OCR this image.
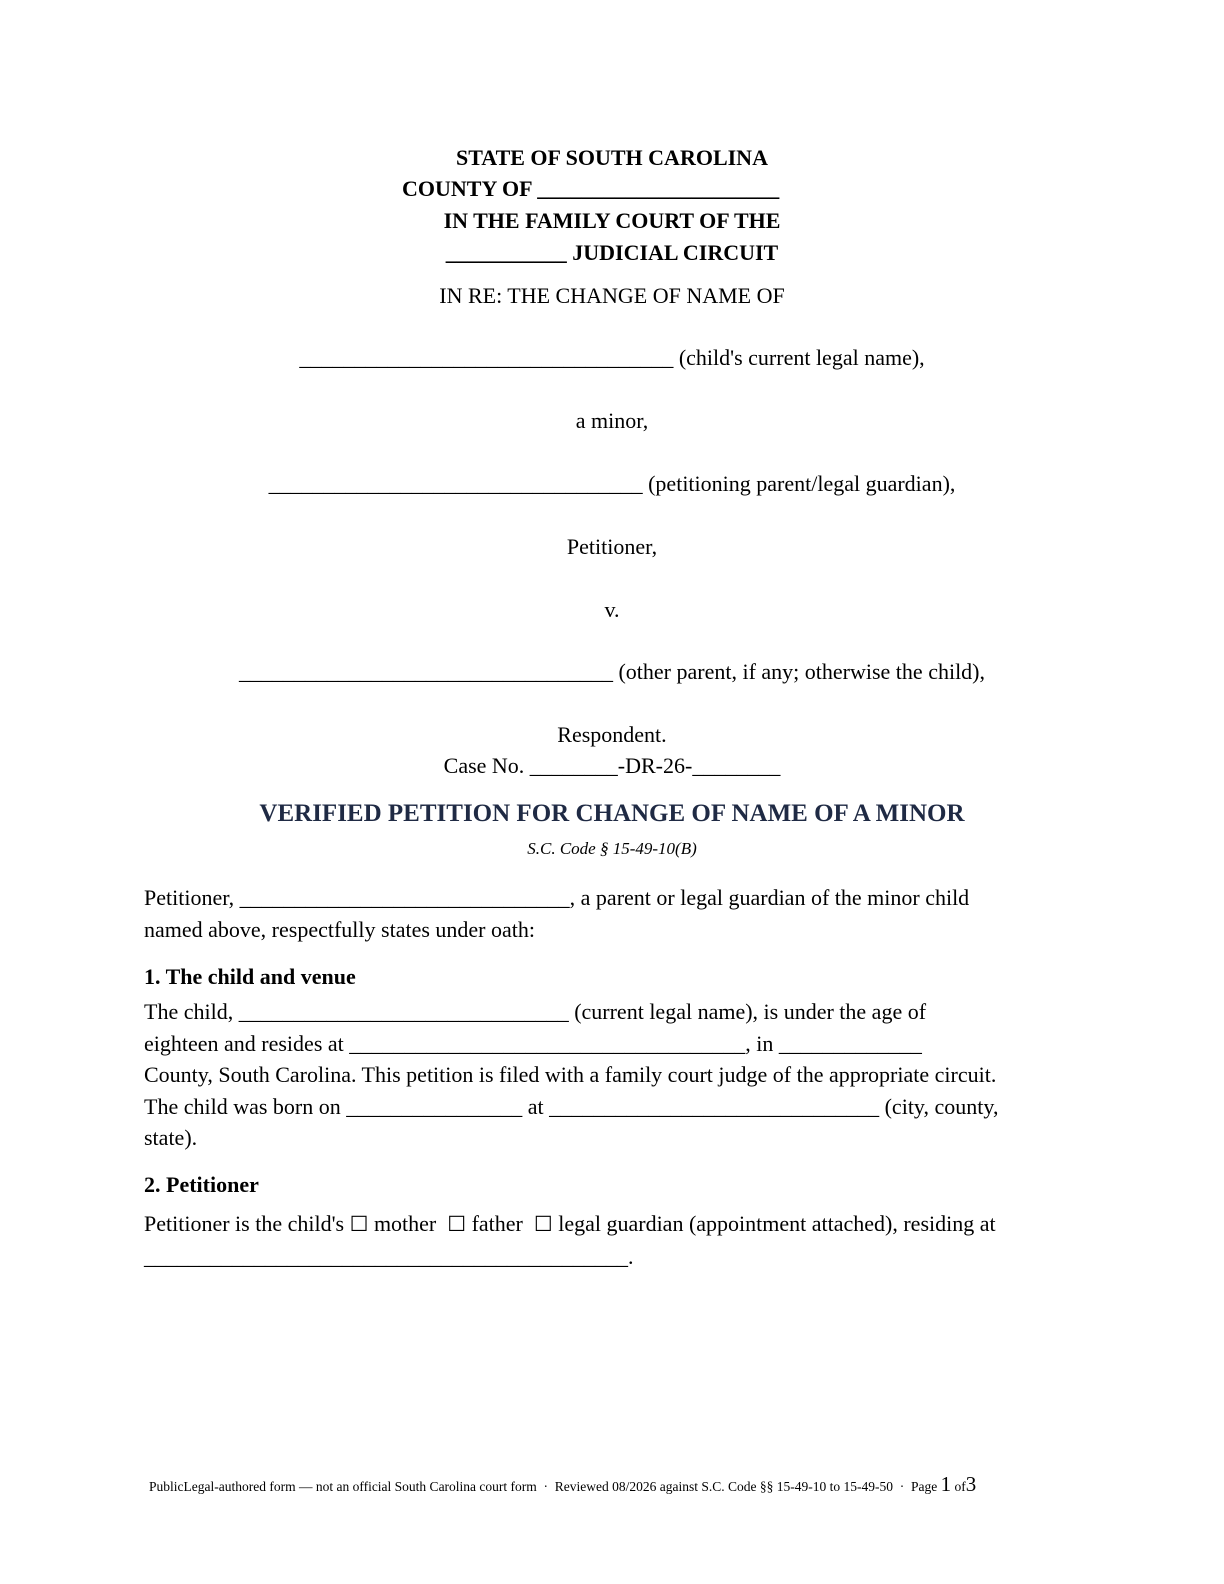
STATE OF SOUTH CAROLINA
COUNTY OF ______________________
IN THE FAMILY COURT OF THE
___________ JUDICIAL CIRCUIT
IN RE: THE CHANGE OF NAME OF
__________________________________ (child's current legal name),
a minor,
__________________________________ (petitioning parent/legal guardian),
Petitioner,
v.
__________________________________ (other parent, if any; otherwise the child),
Respondent.
Case No. ________-DR-26-________
VERIFIED PETITION FOR CHANGE OF NAME OF A MINOR
S.C. Code § 15-49-10(B)

Petitioner, ______________________________, a parent or legal guardian of the minor child

named above, respectfully states under oath:

1. The child and venue

The child, ______________________________ (current legal name), is under the age of

eighteen and resides at ____________________________________, in _____________

County, South Carolina. This petition is filed with a family court judge of the appropriate circuit.

The child was born on ________________ at ______________________________ (city, county,

state).

2. Petitioner

Petitioner is the child's ☐ mother ☐ father ☐ legal guardian (appointment attached), residing at

____________________________________________.

PublicLegal-authored form — not an official South Carolina court form  ·  Reviewed 08/2026 against S.C. Code §§ 15-49-10 to 15-49-50  ·  Page 1 of3
